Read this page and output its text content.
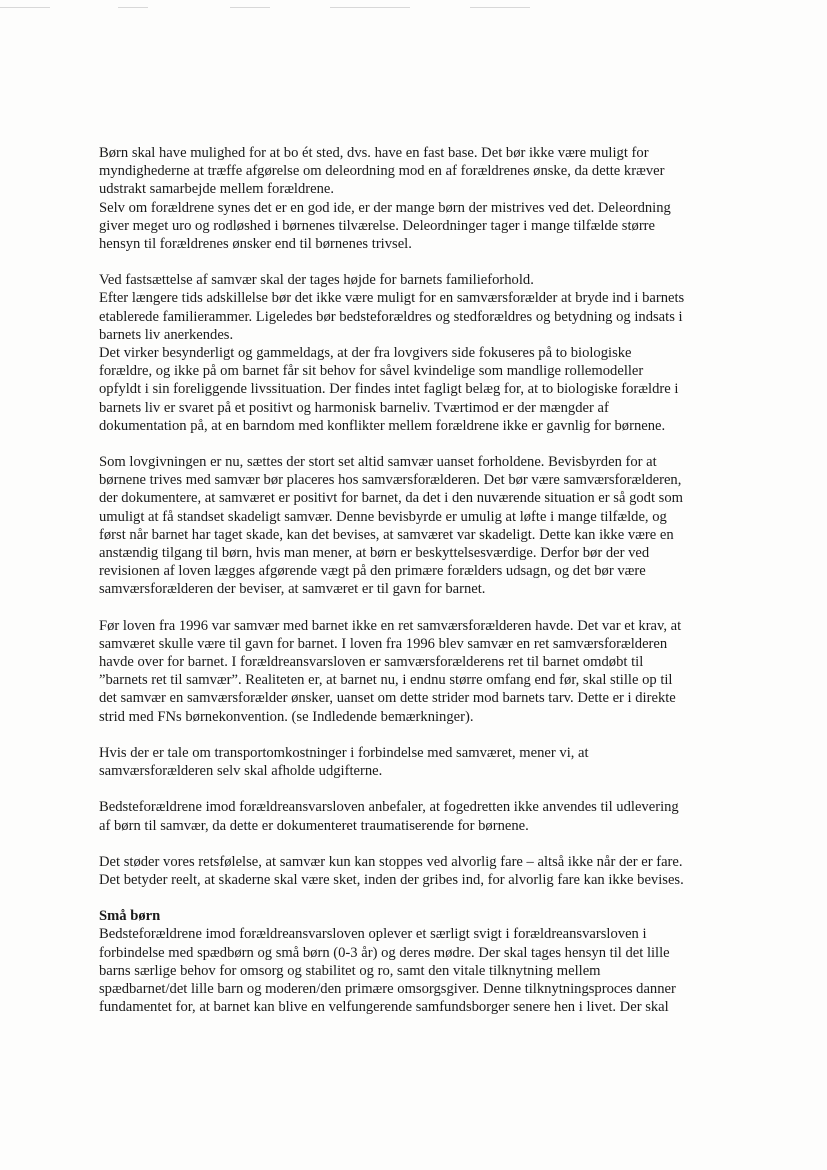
Børn skal have mulighed for at bo ét sted, dvs. have en fast base. Det bør ikke være muligt for
myndighederne at træffe afgørelse om deleordning mod en af forældrenes ønske, da dette kræver
udstrakt samarbejde mellem forældrene.
Selv om forældrene synes det er en god ide, er der mange børn der mistrives ved det. Deleordning
giver meget uro og rodløshed i børnenes tilværelse. Deleordninger tager i mange tilfælde større
hensyn til forældrenes ønsker end til børnenes trivsel.

Ved fastsættelse af samvær skal der tages højde for barnets familieforhold.
Efter længere tids adskillelse bør det ikke være muligt for en samværsforælder at bryde ind i barnets
etablerede familierammer. Ligeledes bør bedsteforældres og stedforældres og betydning og indsats i
barnets liv anerkendes.
Det virker besynderligt og gammeldags, at der fra lovgivers side fokuseres på to biologiske
forældre, og ikke på om barnet får sit behov for såvel kvindelige som mandlige rollemodeller
opfyldt i sin foreliggende livssituation. Der findes intet fagligt belæg for, at to biologiske forældre i
barnets liv er svaret på et positivt og harmonisk barneliv. Tværtimod er der mængder af
dokumentation på, at en barndom med konflikter mellem forældrene ikke er gavnlig for børnene.

Som lovgivningen er nu, sættes der stort set altid samvær uanset forholdene. Bevisbyrden for at
børnene trives med samvær bør placeres hos samværsforælderen. Det bør være samværsforælderen,
der dokumentere, at samværet er positivt for barnet, da det i den nuværende situation er så godt som
umuligt at få standset skadeligt samvær. Denne bevisbyrde er umulig at løfte i mange tilfælde, og
først når barnet har taget skade, kan det bevises, at samværet var skadeligt. Dette kan ikke være en
anstændig tilgang til børn, hvis man mener, at børn er beskyttelsesværdige. Derfor bør der ved
revisionen af loven lægges afgørende vægt på den primære forælders udsagn, og det bør være
samværsforælderen der beviser, at samværet er til gavn for barnet.

Før loven fra 1996 var samvær med barnet ikke en ret samværsforælderen havde. Det var et krav, at
samværet skulle være til gavn for barnet. I loven fra 1996 blev samvær en ret samværsforælderen
havde over for barnet. I forældreansvarsloven er samværsforælderens ret til barnet omdøbt til
”barnets ret til samvær”. Realiteten er, at barnet nu, i endnu større omfang end før, skal stille op til
det samvær en samværsforælder ønsker, uanset om dette strider mod barnets tarv. Dette er i direkte
strid med FNs børnekonvention. (se Indledende bemærkninger).

Hvis der er tale om transportomkostninger i forbindelse med samværet, mener vi, at
samværsforælderen selv skal afholde udgifterne.

Bedsteforældrene imod forældreansvarsloven anbefaler, at fogedretten ikke anvendes til udlevering
af børn til samvær, da dette er dokumenteret traumatiserende for børnene.

Det støder vores retsfølelse, at samvær kun kan stoppes ved alvorlig fare – altså ikke når der er fare.
Det betyder reelt, at skaderne skal være sket, inden der gribes ind, for alvorlig fare kan ikke bevises.

Små børn

Bedsteforældrene imod forældreansvarsloven oplever et særligt svigt i forældreansvarsloven i
forbindelse med spædbørn og små børn (0-3 år) og deres mødre. Der skal tages hensyn til det lille
barns særlige behov for omsorg og stabilitet og ro, samt den vitale tilknytning mellem
spædbarnet/det lille barn og moderen/den primære omsorgsgiver. Denne tilknytningsproces danner
fundamentet for, at barnet kan blive en velfungerende samfundsborger senere hen i livet. Der skal
